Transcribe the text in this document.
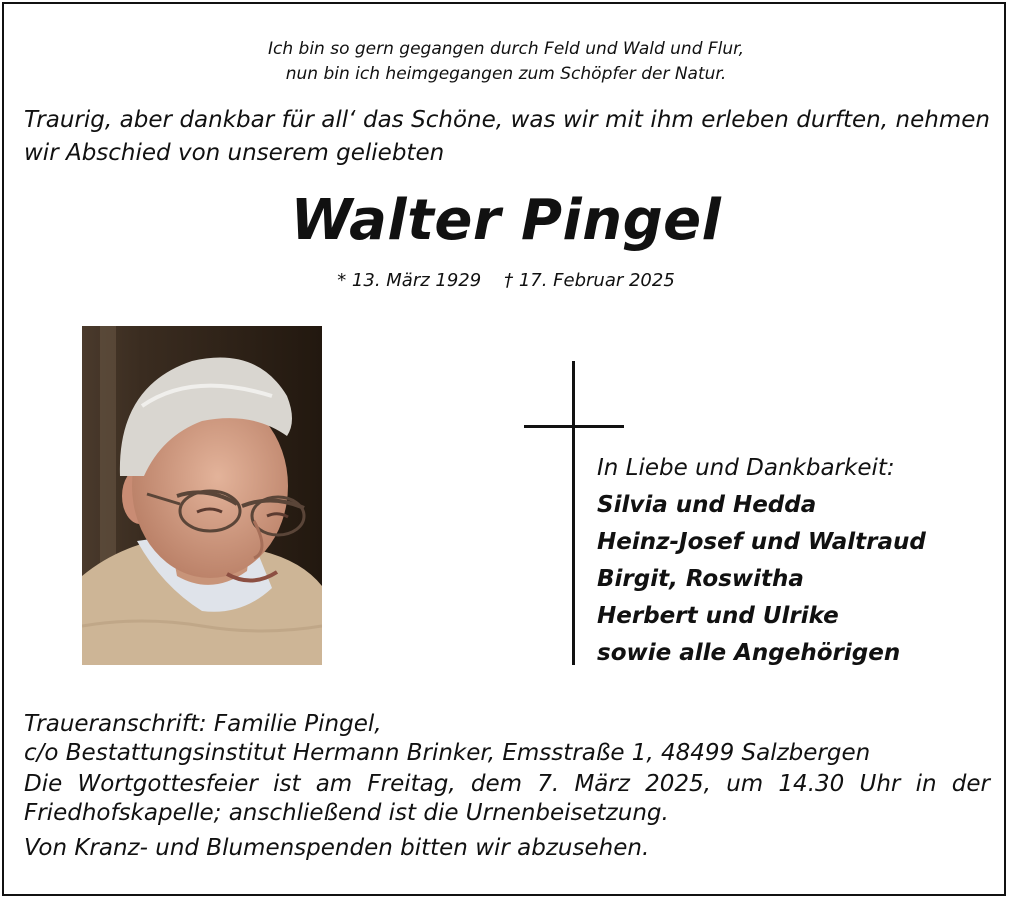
Ich bin so gern gegangen durch Feld und Wald und Flur,
nun bin ich heimgegangen zum Schöpfer der Natur.
Traurig, aber dankbar für all‘ das Schöne, was wir mit ihm erleben durften, nehmen wir Abschied von unserem geliebten
Walter Pingel
* 13. März 1929    † 17. Februar 2025
In Liebe und Dankbarkeit:
Silvia und Hedda
Heinz-Josef und Waltraud
Birgit, Roswitha
Herbert und Ulrike
sowie alle Angehörigen
Traueranschrift: Familie Pingel,
c/o Bestattungsinstitut Hermann Brinker, Emsstraße 1, 48499 Salzbergen
Die Wortgottesfeier ist am Freitag, dem 7. März 2025, um 14.30 Uhr in der Friedhofskapelle; anschließend ist die Urnenbeisetzung.
Von Kranz- und Blumenspenden bitten wir abzusehen.
